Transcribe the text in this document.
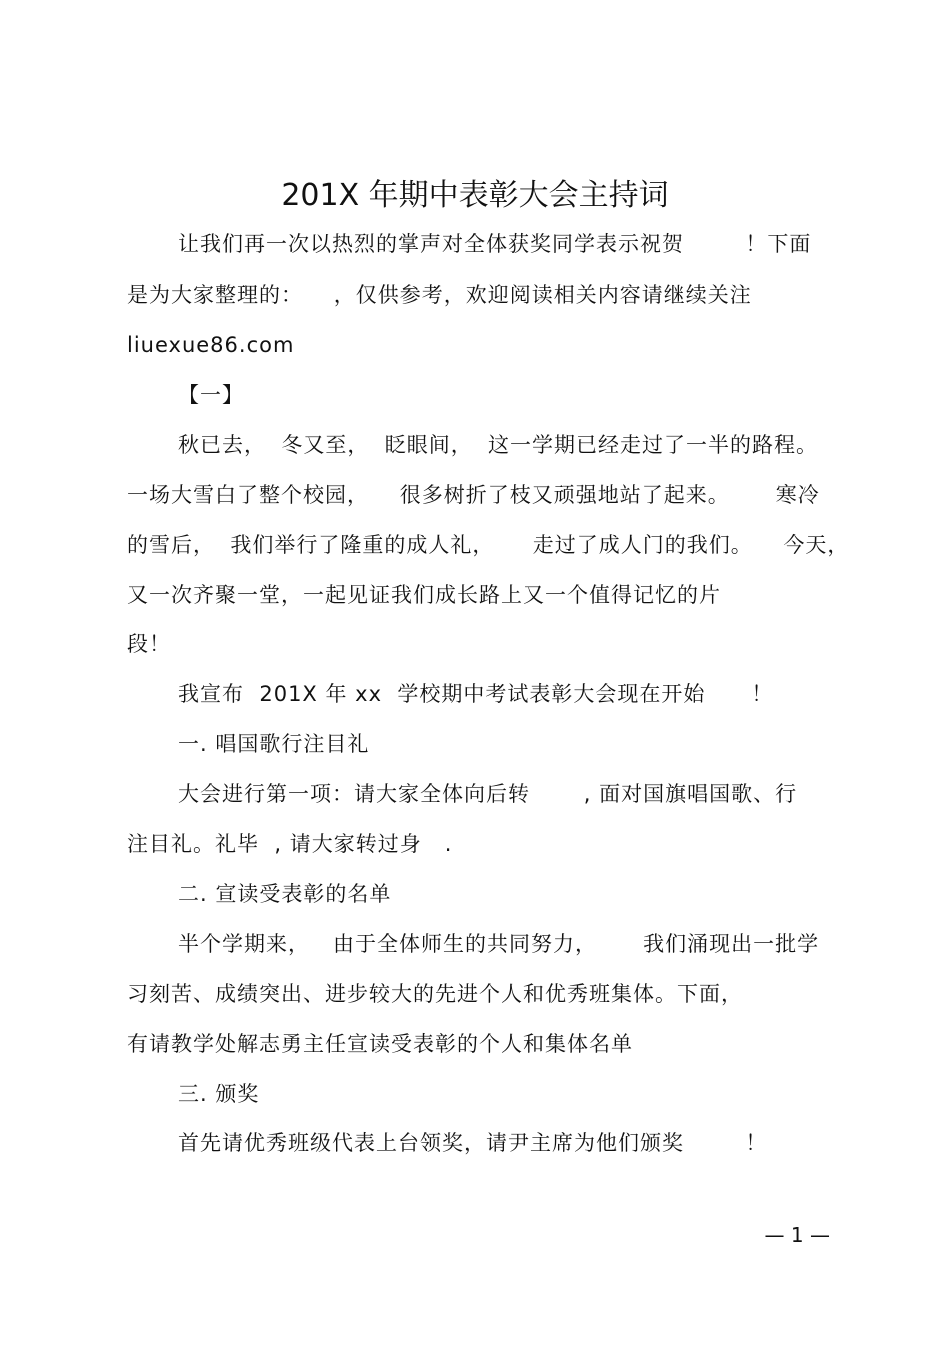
201X 年期中表彰大会主持词
让我们再一次以热烈的掌声对全体获奖同学表示祝贺        ！下面
是为大家整理的：    ，仅供参考，欢迎阅读相关内容请继续关注
liuexue86.com
【一】
秋已去，  冬又至，  眨眼间，  这一学期已经走过了一半的路程。
一场大雪白了整个校园，    很多树折了枝又顽强地站了起来。      寒冷
的雪后，  我们举行了隆重的成人礼，     走过了成人门的我们。    今天，
又一次齐聚一堂，一起见证我们成长路上又一个值得记忆的片
段！
我宣布  201X 年 xx  学校期中考试表彰大会现在开始      ！
一. 唱国歌行注目礼
大会进行第一项：请大家全体向后转       , 面对国旗唱国歌、行
注目礼。礼毕  , 请大家转过身   .
二. 宣读受表彰的名单
半个学期来，   由于全体师生的共同努力，      我们涌现出一批学
习刻苦、成绩突出、进步较大的先进个人和优秀班集体。下面，
有请教学处解志勇主任宣读受表彰的个人和集体名单
三. 颁奖
首先请优秀班级代表上台领奖，请尹主席为他们颁奖        ！
— 1 —
